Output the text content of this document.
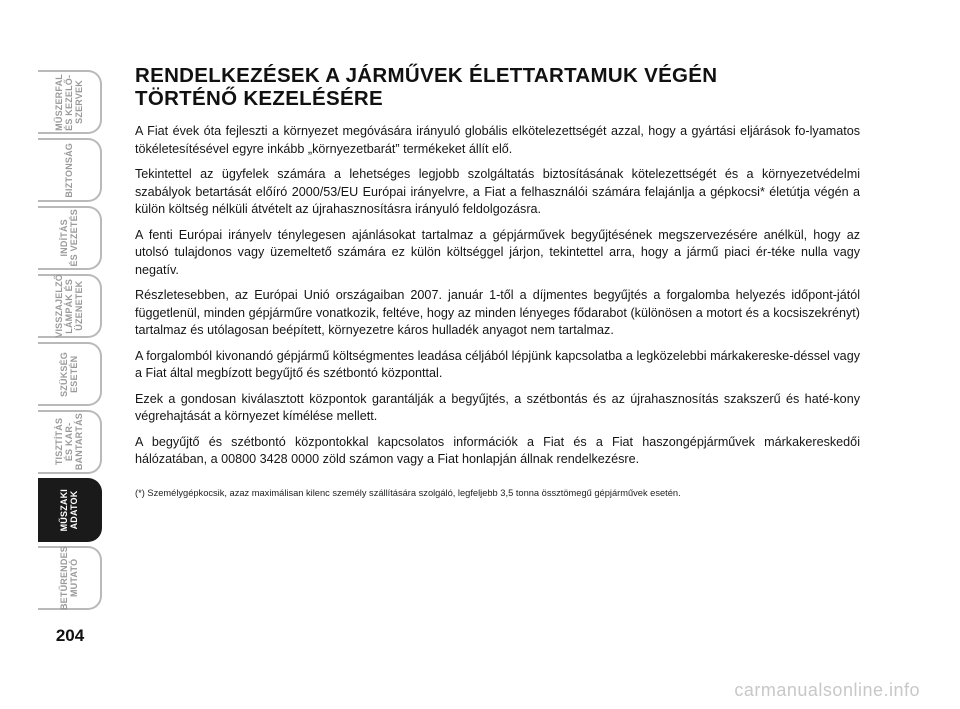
MŰSZERFAL
ÉS KEZELŐ-
SZERVEK
BIZTONSÁG
INDÍTÁS
ÉS VEZETÉS
VISSZAJELZŐ
LÁMPÁK ÉS
ÜZENETEK
SZÜKSÉG
ESETÉN
TISZTÍTÁS
ÉS KAR-
BANTARTÁS
MŰSZAKI
ADATOK
BETŰRENDES
MUTATÓ
204
RENDELKEZÉSEK A JÁRMŰVEK ÉLETTARTAMUK VÉGÉN TÖRTÉNŐ KEZELÉSÉRE

A Fiat évek óta fejleszti a környezet megóvására irányuló globális elkötelezettségét azzal, hogy a gyártási eljárások fo-lyamatos tökéletesítésével egyre inkább „környezetbarát” termékeket állít elő.

Tekintettel az ügyfelek számára a lehetséges legjobb szolgáltatás biztosításának kötelezettségét és a környezetvédelmi szabályok betartását előíró 2000/53/EU Európai irányelvre, a Fiat a felhasználói számára felajánlja a gépkocsi* életútja végén a külön költség nélküli átvételt az újrahasznosításra irányuló feldolgozásra.

A fenti Európai irányelv ténylegesen ajánlásokat tartalmaz a gépjárművek begyűjtésének megszervezésére anélkül, hogy az utolsó tulajdonos vagy üzemeltető számára ez külön költséggel járjon, tekintettel arra, hogy a jármű piaci ér-téke nulla vagy negatív.

Részletesebben, az Európai Unió országaiban 2007. január 1-től a díjmentes begyűjtés a forgalomba helyezés időpont-jától függetlenül, minden gépjárműre vonatkozik, feltéve, hogy az minden lényeges fődarabot (különösen a motort és a kocsiszekrényt) tartalmaz és utólagosan beépített, környezetre káros hulladék anyagot nem tartalmaz.

A forgalomból kivonandó gépjármű költségmentes leadása céljából lépjünk kapcsolatba a legközelebbi márkakereske-déssel vagy a Fiat által megbízott begyűjtő és szétbontó központtal.

Ezek a gondosan kiválasztott központok garantálják a begyűjtés, a szétbontás és az újrahasznosítás szakszerű és haté-kony végrehajtását a környezet kímélése mellett.

A begyűjtő és szétbontó központokkal kapcsolatos információk a Fiat és a Fiat haszongépjárművek márkakereskedői hálózatában, a 00800 3428 0000 zöld számon vagy a Fiat honlapján állnak rendelkezésre.

(*) Személygépkocsik, azaz maximálisan kilenc személy szállítására szolgáló, legfeljebb 3,5 tonna össztömegű gépjárművek esetén.
carmanualsonline.info
